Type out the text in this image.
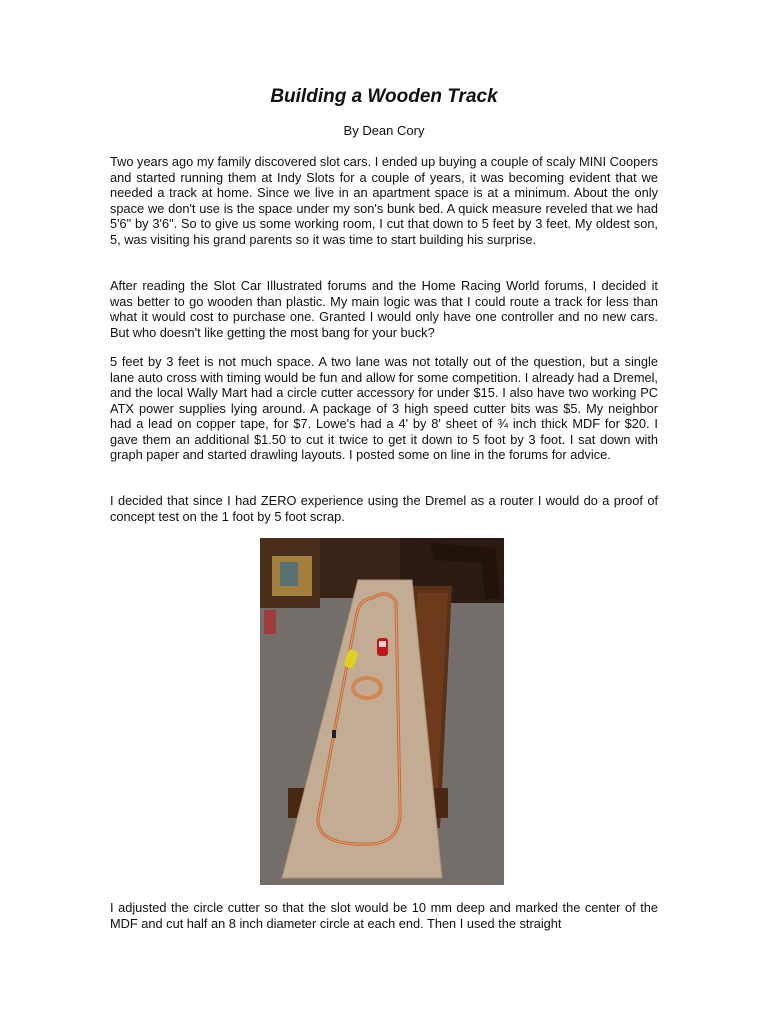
Building a Wooden Track

By Dean Cory

Two years ago my family discovered slot cars. I ended up buying a couple of scaly MINI Coopers and started running them at Indy Slots for a couple of years, it was becoming evident that we needed a track at home. Since we live in an apartment space is at a minimum. About the only space we don't use is the space under my son's bunk bed. A quick measure reveled that we had 5'6" by 3'6". So to give us some working room, I cut that down to 5 feet by 3 feet. My oldest son, 5, was visiting his grand parents so it was time to start building his surprise.

After reading the Slot Car Illustrated forums and the Home Racing World forums, I decided it was better to go wooden than plastic. My main logic was that I could route a track for less than what it would cost to purchase one. Granted I would only have one controller and no new cars. But who doesn't like getting the most bang for your buck?

5 feet by 3 feet is not much space. A two lane was not totally out of the question, but a single lane auto cross with timing would be fun and allow for some competition. I already had a Dremel, and the local Wally Mart had a circle cutter accessory for under $15. I also have two working PC ATX power supplies lying around. A package of 3 high speed cutter bits was $5. My neighbor had a lead on copper tape, for $7. Lowe's had a 4' by 8' sheet of ¾ inch thick MDF for $20. I gave them an additional $1.50 to cut it twice to get it down to 5 foot by 3 foot. I sat down with graph paper and started drawling layouts. I posted some on line in the forums for advice.

I decided that since I had ZERO experience using the Dremel as a router I would do a proof of concept test on the 1 foot by 5 foot scrap.

I adjusted the circle cutter so that the slot would be 10 mm deep and marked the center of the MDF and cut half an 8 inch diameter circle at each end. Then I used the straight
